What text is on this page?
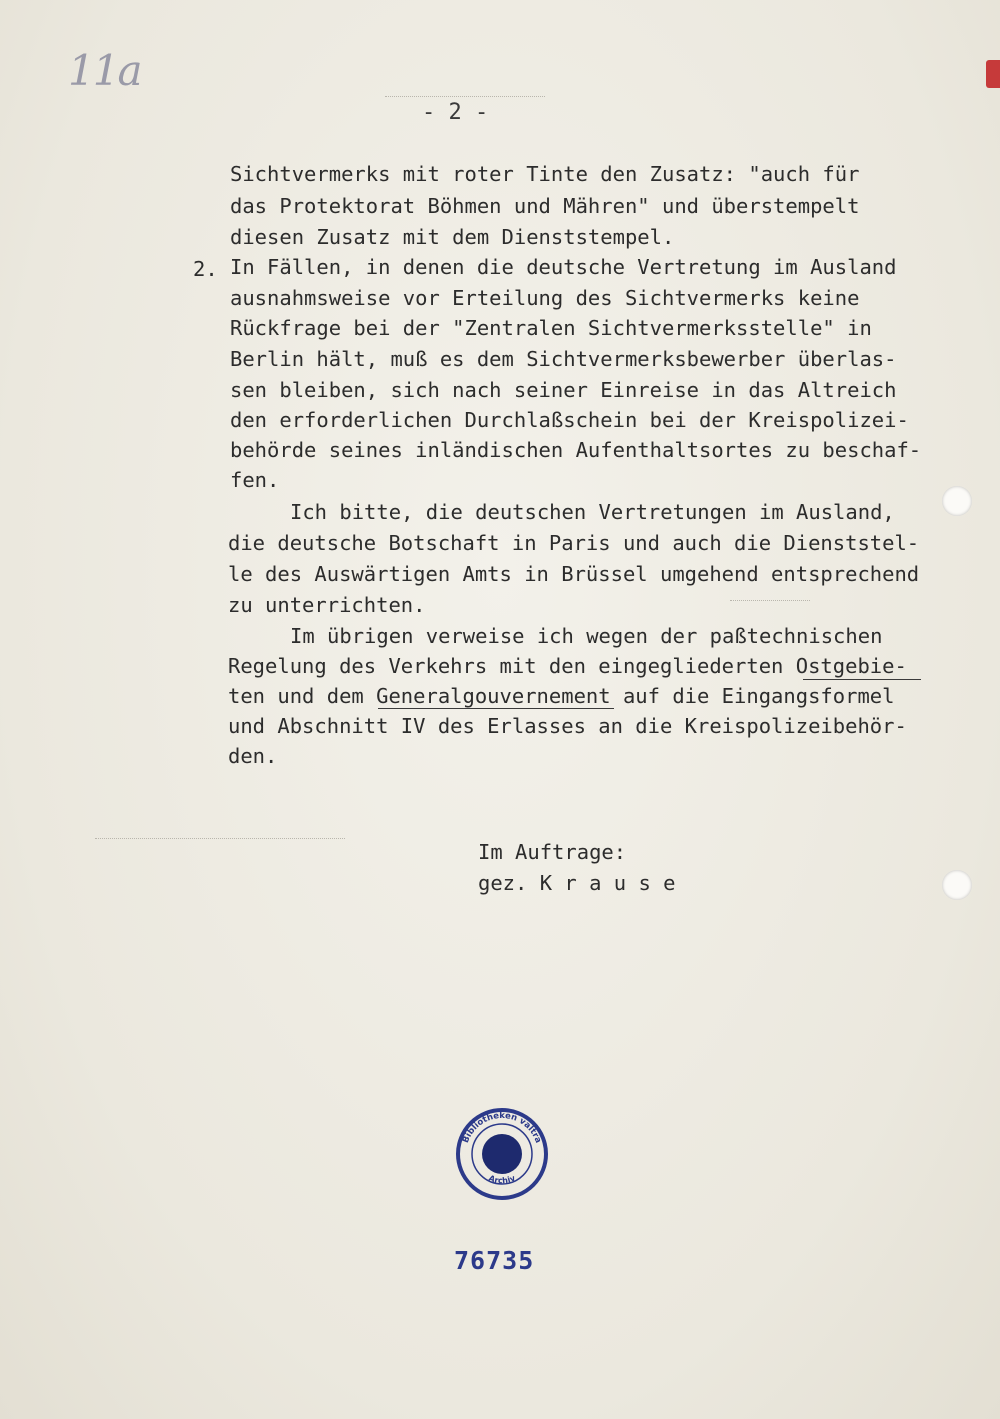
11a
- 2 -
Sichtvermerks mit roter Tinte den Zusatz: "auch für
das Protektorat Böhmen und Mähren" und überstempelt
diesen Zusatz mit dem Dienststempel.
2. In Fällen, in denen die deutsche Vertretung im Ausland
ausnahmsweise vor Erteilung des Sichtvermerks keine
Rückfrage bei der "Zentralen Sichtvermerksstelle" in
Berlin hält, muß es dem Sichtvermerksbewerber überlas-
sen bleiben, sich nach seiner Einreise in das Altreich
den erforderlichen Durchlaßschein bei der Kreispolizei-
behörde seines inländischen Aufenthaltsortes zu beschaf-
fen.
Ich bitte, die deutschen Vertretungen im Ausland,
die deutsche Botschaft in Paris und auch die Dienststel-
le des Auswärtigen Amts in Brüssel umgehend entsprechend
zu unterrichten.
Im übrigen verweise ich wegen der paßtechnischen
Regelung des Verkehrs mit den eingegliederten Ostgebie-
ten und dem Generalgouvernement auf die Eingangsformel
und Abschnitt IV des Erlasses an die Kreispolizeibehör-
den.
Im Auftrage:
gez. K r a u s e
Bibliotheken valtra
Archiv
76735
